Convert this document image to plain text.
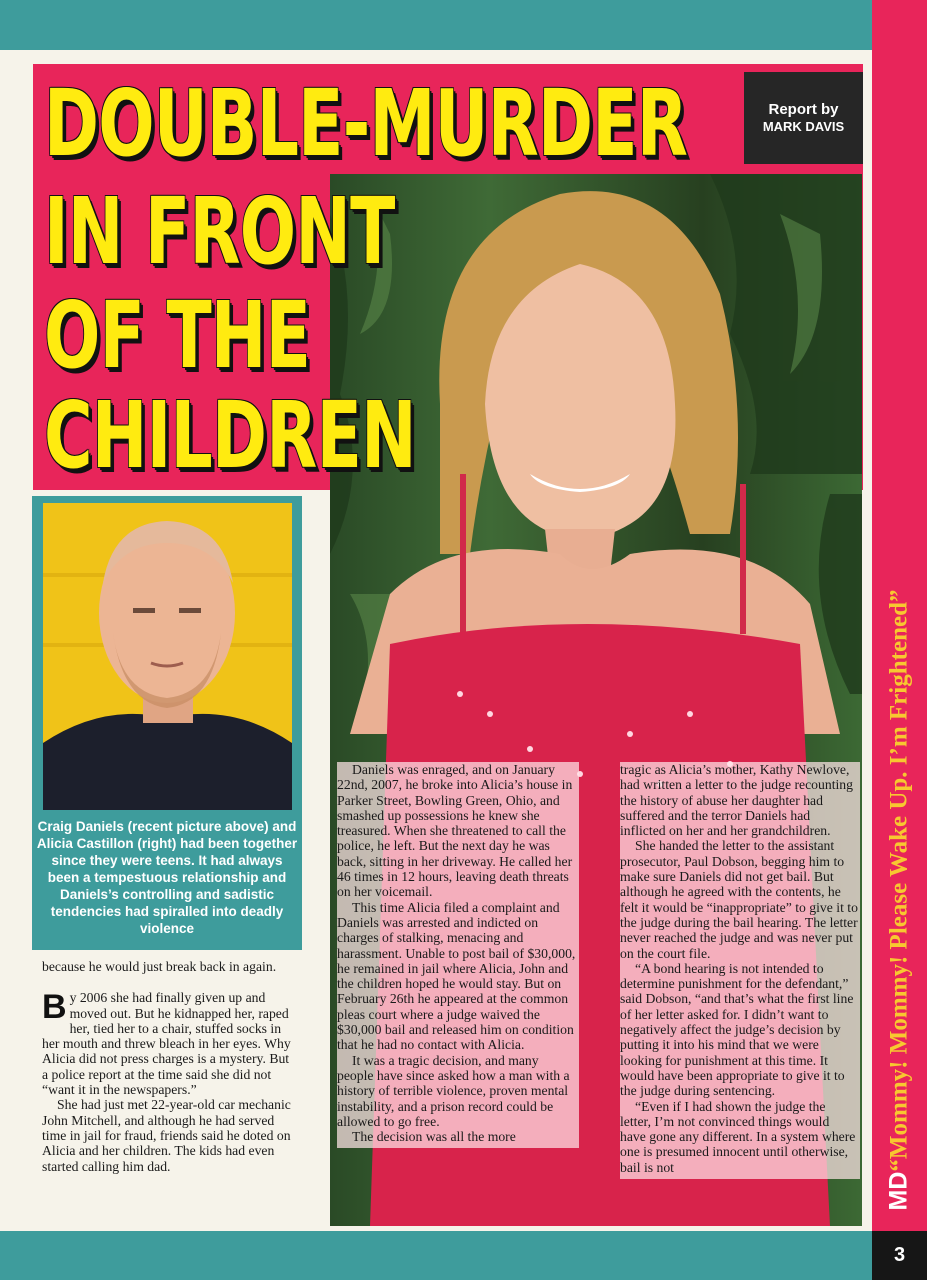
MD“Mommy! Mommy! Please Wake Up. I’m Frightened”
3
DOUBLE-MURDER
IN FRONT
OF THE
CHILDREN
Report by
MARK DAVIS

Craig Daniels (recent picture above) and Alicia Castillon (right) had been together since they were teens. It had always been a tempestuous relationship and Daniels’s controlling and sadistic tendencies had spiralled into deadly violence

because he would just break back in again.

By 2006 she had finally given up and moved out. But he kidnapped her, raped her, tied her to a chair, stuffed socks in her mouth and threw bleach in her eyes. Why Alicia did not press charges is a mystery. But a police report at the time said she did not “want it in the newspapers.”

She had just met 22-year-old car mechanic John Mitchell, and although he had served time in jail for fraud, friends said he doted on Alicia and her children. The kids had even started calling him dad.

Daniels was enraged, and on January 22nd, 2007, he broke into Alicia’s house in Parker Street, Bowling Green, Ohio, and smashed up possessions he knew she treasured. When she threatened to call the police, he left. But the next day he was back, sitting in her driveway. He called her 46 times in 12 hours, leaving death threats on her voicemail.

This time Alicia filed a complaint and Daniels was arrested and indicted on charges of stalking, menacing and harassment. Unable to post bail of $30,000, he remained in jail where Alicia, John and the children hoped he would stay. But on February 26th he appeared at the common pleas court where a judge waived the $30,000 bail and released him on condition that he had no contact with Alicia.

It was a tragic decision, and many people have since asked how a man with a history of terrible violence, proven mental instability, and a prison record could be allowed to go free.

The decision was all the more

tragic as Alicia’s mother, Kathy Newlove, had written a letter to the judge recounting the history of abuse her daughter had suffered and the terror Daniels had inflicted on her and her grandchildren.

She handed the letter to the assistant prosecutor, Paul Dobson, begging him to make sure Daniels did not get bail. But although he agreed with the contents, he felt it would be “inappropriate” to give it to the judge during the bail hearing. The letter never reached the judge and was never put on the court file.

“A bond hearing is not intended to determine punishment for the defendant,” said Dobson, “and that’s what the first line of her letter asked for. I didn’t want to negatively affect the judge’s decision by putting it into his mind that we were looking for punishment at this time. It would have been appropriate to give it to the judge during sentencing.

“Even if I had shown the judge the letter, I’m not convinced things would have gone any different. In a system where one is presumed innocent until otherwise, bail is not
